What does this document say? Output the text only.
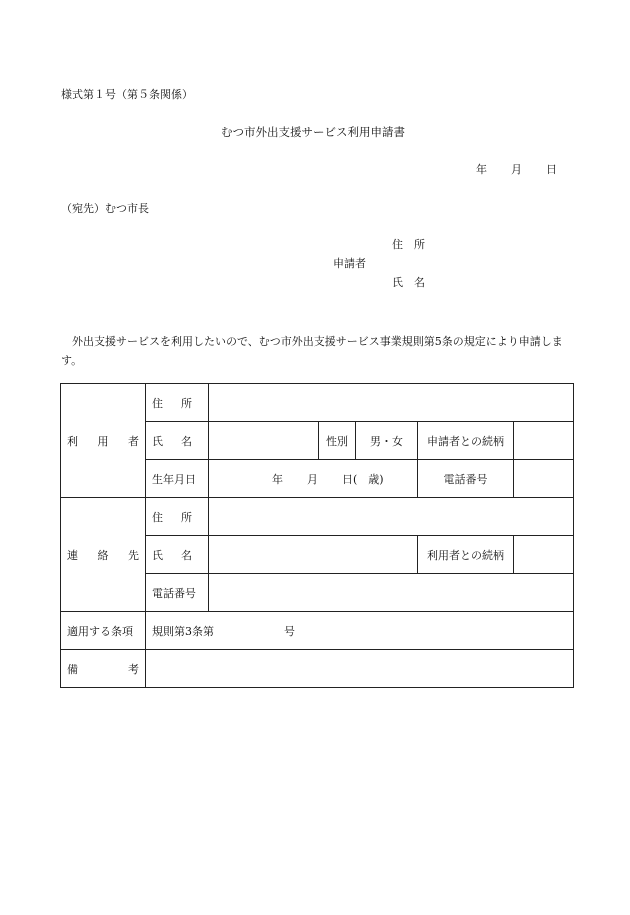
様式第１号（第５条関係）
むつ市外出支援サービス利用申請書
年 月 日
（宛先）むつ市長
住　所
申請者
氏　名
外出支援サービスを利用したいので、むつ市外出支援サービス事業規則第5条の規定により申請します。
利 用 者	住 所					

	氏 名		性別	男・女	申請者との続柄	
	生年月日	年 月 日(　歳)			電話番号	

連 絡 先	住 所					

	氏 名				利用者との続柄	
	電話番号					
適用する条項	規則第3条第 号					

備 考						
